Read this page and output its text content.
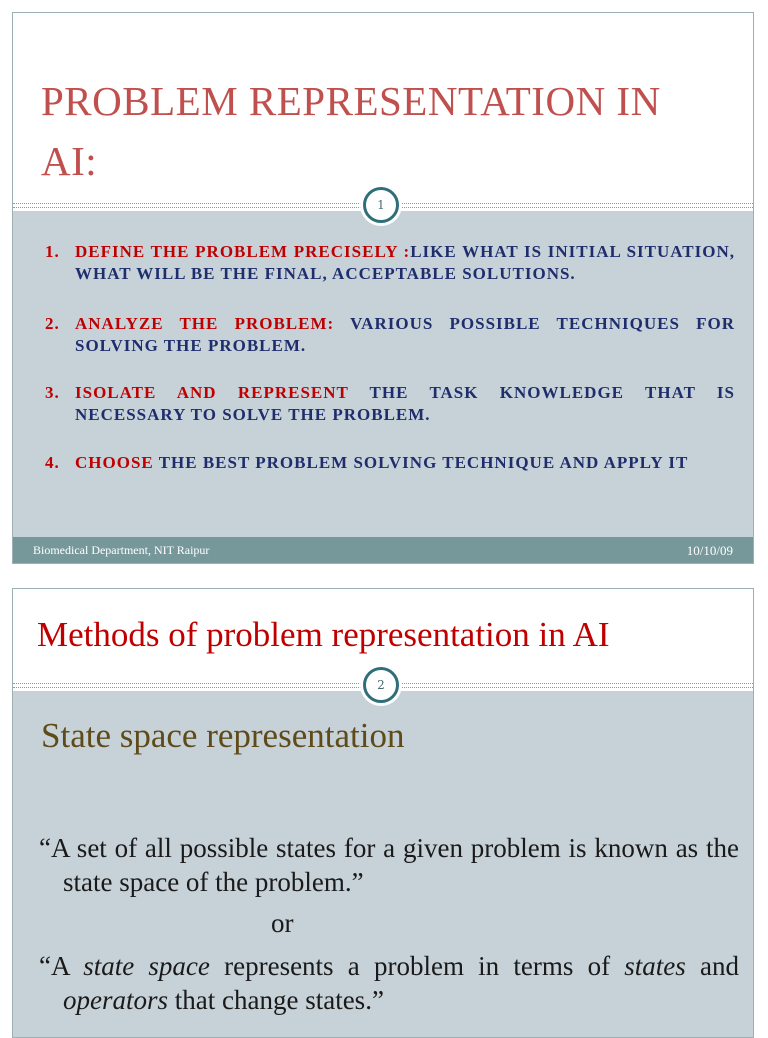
PROBLEM REPRESENTATION IN AI:
1
1. DEFINE THE PROBLEM PRECISELY :LIKE WHAT IS INITIAL SITUATION, WHAT WILL BE THE FINAL, ACCEPTABLE SOLUTIONS.
2. ANALYZE THE PROBLEM: VARIOUS POSSIBLE TECHNIQUES FOR SOLVING THE PROBLEM.
3. ISOLATE AND REPRESENT THE TASK KNOWLEDGE THAT IS NECESSARY TO SOLVE THE PROBLEM.
4. CHOOSE THE BEST PROBLEM SOLVING TECHNIQUE AND APPLY IT
Biomedical Department, NIT Raipur	10/10/09
Methods of problem representation in AI
2
State space representation

“A set of all possible states for a given problem is known as the state space of the problem.”

or

“A state space represents a problem in terms of states and operators that change states.”
